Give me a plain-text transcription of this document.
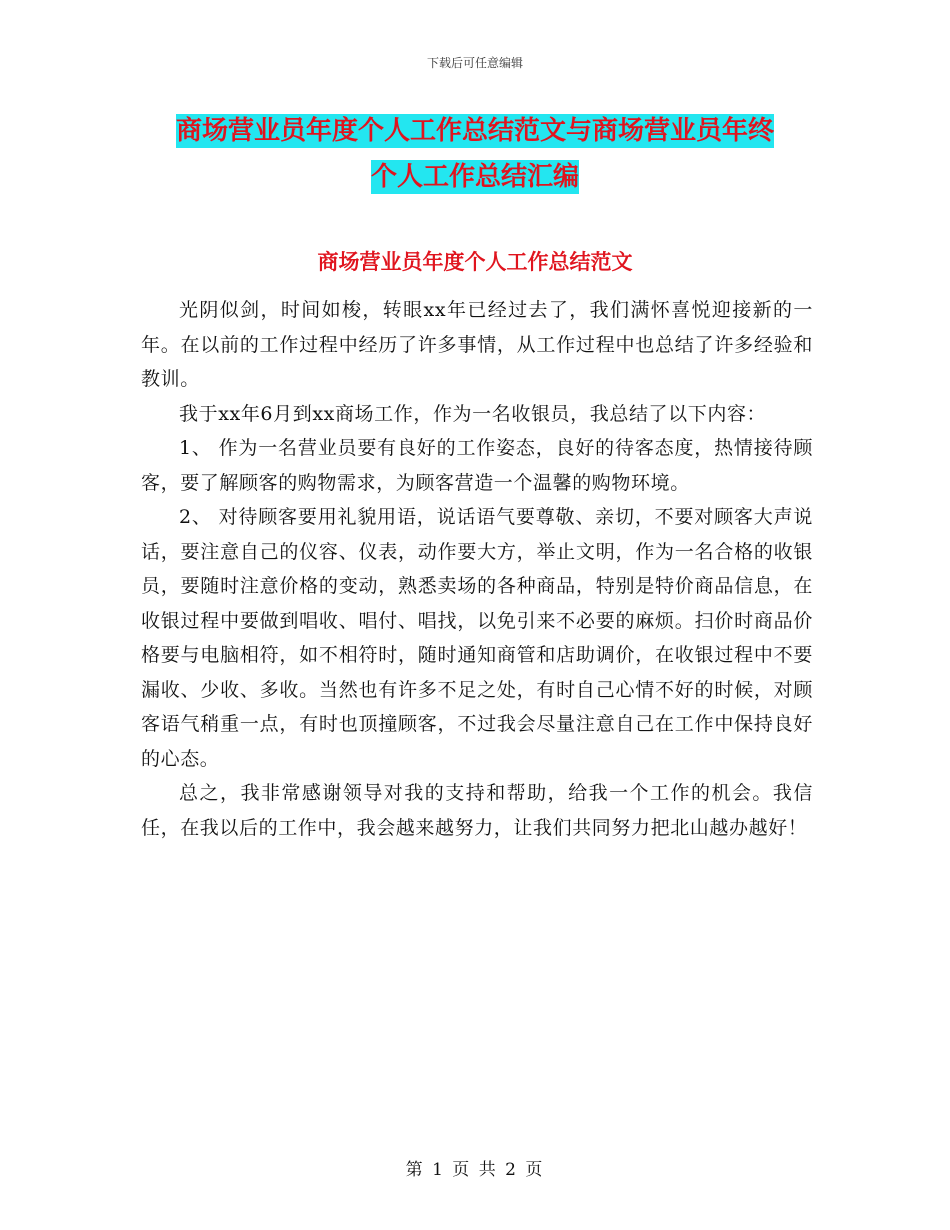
下载后可任意编辑
商场营业员年度个人工作总结范文与商场营业员年终
个人工作总结汇编
商场营业员年度个人工作总结范文

光阴似剑，时间如梭，转眼xx年已经过去了，我们满怀喜悦迎接新的一年。在以前的工作过程中经历了许多事情，从工作过程中也总结了许多经验和教训。

我于xx年6月到xx商场工作，作为一名收银员，我总结了以下内容：

1、 作为一名营业员要有良好的工作姿态，良好的待客态度，热情接待顾客，要了解顾客的购物需求，为顾客营造一个温馨的购物环境。

2、 对待顾客要用礼貌用语，说话语气要尊敬、亲切，不要对顾客大声说话，要注意自己的仪容、仪表，动作要大方，举止文明，作为一名合格的收银员，要随时注意价格的变动，熟悉卖场的各种商品，特别是特价商品信息，在收银过程中要做到唱收、唱付、唱找，以免引来不必要的麻烦。扫价时商品价格要与电脑相符，如不相符时，随时通知商管和店助调价，在收银过程中不要漏收、少收、多收。当然也有许多不足之处，有时自己心情不好的时候，对顾客语气稍重一点，有时也顶撞顾客，不过我会尽量注意自己在工作中保持良好的心态。

总之，我非常感谢领导对我的支持和帮助，给我一个工作的机会。我信任，在我以后的工作中，我会越来越努力，让我们共同努力把北山越办越好！

第 1 页 共 2 页
